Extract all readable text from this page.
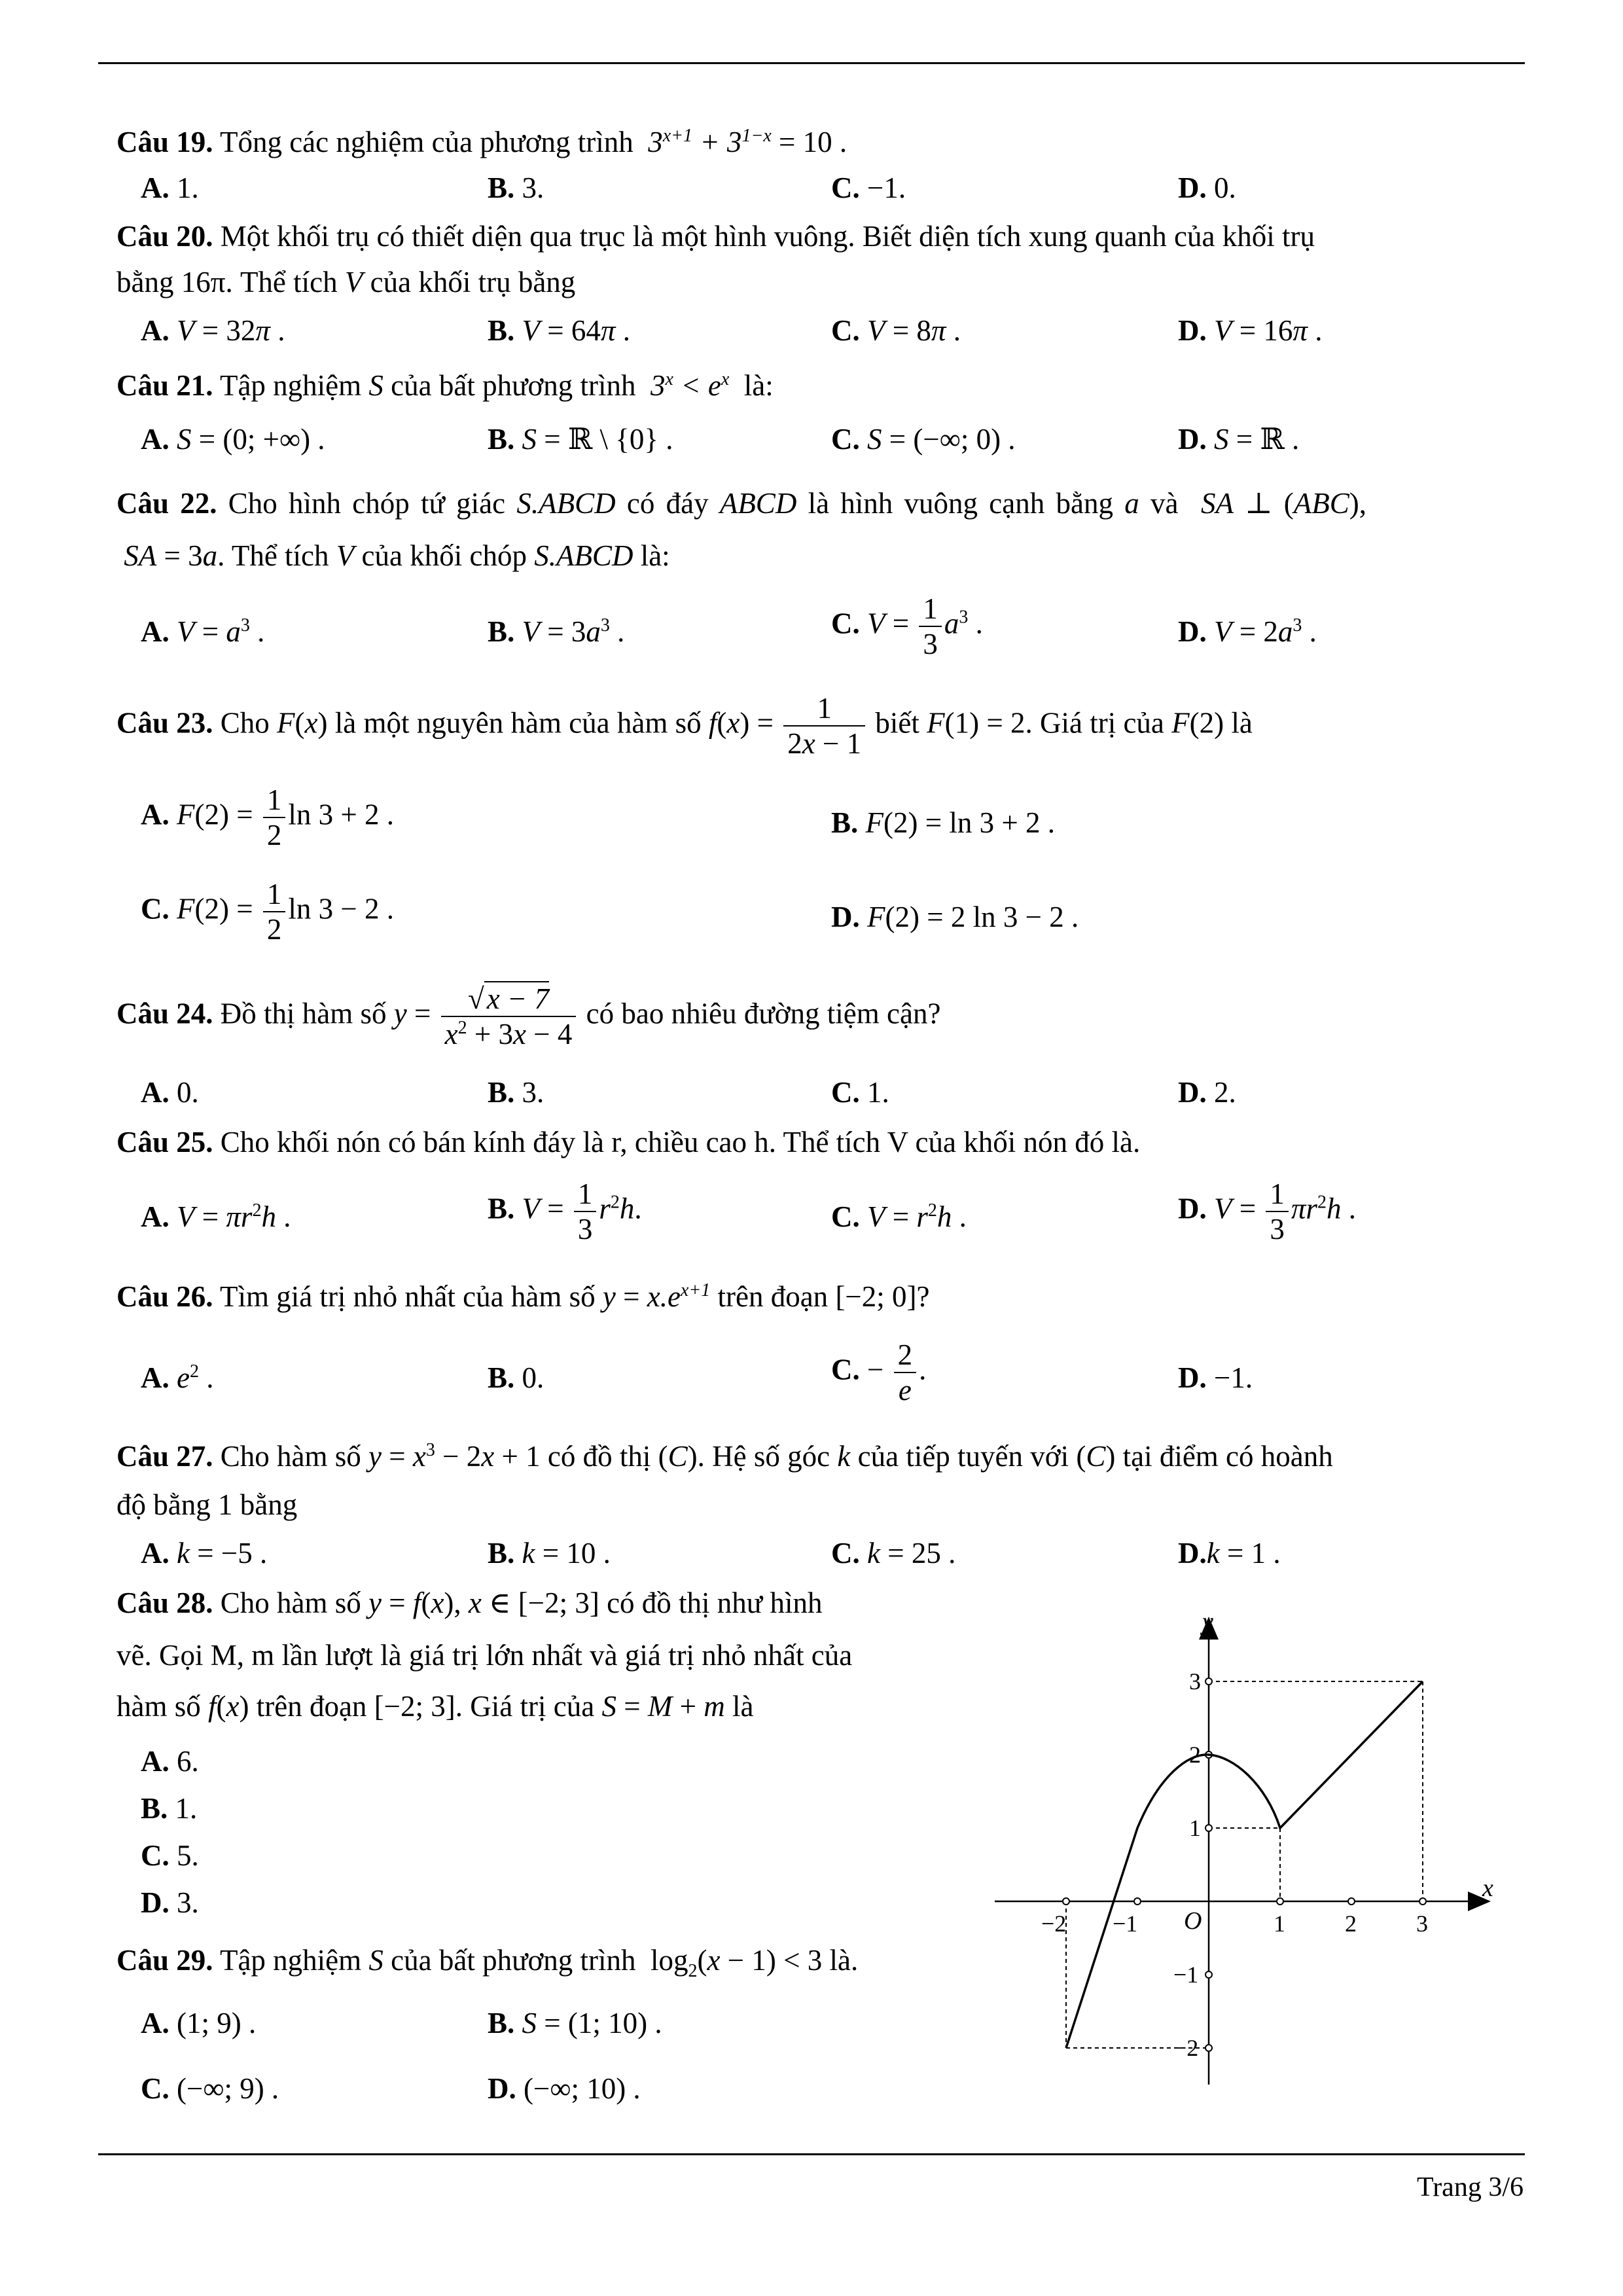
Câu 19. Tổng các nghiệm của phương trình $3^{x+1} + 3^{1-x} = 10$ .
A. 1.	B. 3.	C. −1.	D. 0.
Câu 20. Một khối trụ có thiết diện qua trục là một hình vuông. Biết diện tích xung quanh của khối trụ
bằng 16π. Thể tích V của khối trụ bằng
A. V = 32π .	B. V = 64π .	C. V = 8π .	D. V = 16π .
Câu 21. Tập nghiệm S của bất phương trình $3^x < e^x$ là:
A. S = (0; +∞) .	B. S = ℝ \ {0} .	C. S = (−∞; 0) .	D. S = ℝ .
Câu 22. Cho hình chóp tứ giác S.ABCD có đáy ABCD là hình vuông cạnh bằng a và SA ⊥ (ABC),
SA = 3a. Thể tích V của khối chóp S.ABCD là:
A. $V = a^3$ .	B. $V = 3a^3$ .	C. $V = \frac{1}{3} a^3$ .	D. $V = 2a^3$ .
Câu 23. Cho F(x) là một nguyên hàm của hàm số $f(x) = \frac{1}{2x - 1}$ biết F(1) = 2. Giá trị của F(2) là
A. $F(2) = \frac{1}{2}$ ln 3 + 2 .	B. F(2) = ln 3 + 2 .
C. $F(2) = \frac{1}{2}$ ln 3 − 2 .	D. F(2) = 2 ln 3 − 2 .
Câu 24. Đồ thị hàm số $y = \frac{√x - 7}{x^2 + 3x - 4}$ có bao nhiêu đường tiệm cận?
A. 0.	B. 3.	C. 1.	D. 2.
Câu 25. Cho khối nón có bán kính đáy là r, chiều cao h. Thể tích V của khối nón đó là.
A. $V = \pi r^2h$ .	B. $V = \frac{1}{3} r^2h$.	C. $V = r^2h$ .	D. $V = \frac{1}{3} \pi r^2h$ .
Câu 26. Tìm giá trị nhỏ nhất của hàm số $y = x.e^{x+1}$ trên đoạn [−2; 0]?
A. $e^2$ .	B. 0.	C. − $\frac{2}{e}$ .	D. −1.
Câu 27. Cho hàm số $y = x^3 - 2x + 1$ có đồ thị (C). Hệ số góc k của tiếp tuyến với (C) tại điểm có hoành
độ bằng 1 bằng
A. k = −5 .	B. k = 10 .	C. k = 25 .	D.k = 1 .
Câu 28. Cho hàm số y = f(x), x ∈ [−2; 3] có đồ thị như hình
vẽ. Gọi M, m lần lượt là giá trị lớn nhất và giá trị nhỏ nhất của
hàm số f(x) trên đoạn [−2; 3]. Giá trị của S = M + m là
A. 6.
B. 1.
C. 5.
D. 3.
Câu 29. Tập nghiệm S của bất phương trình  $\log_2(x - 1) < 3$ là.
A. (1; 9) .	B. S = (1; 10) .
C. (−∞; 9) .	D. (−∞; 10) .
x
y
O
−2 −1	1	2	3
3
2
1
−1
−2
Trang 3/6
